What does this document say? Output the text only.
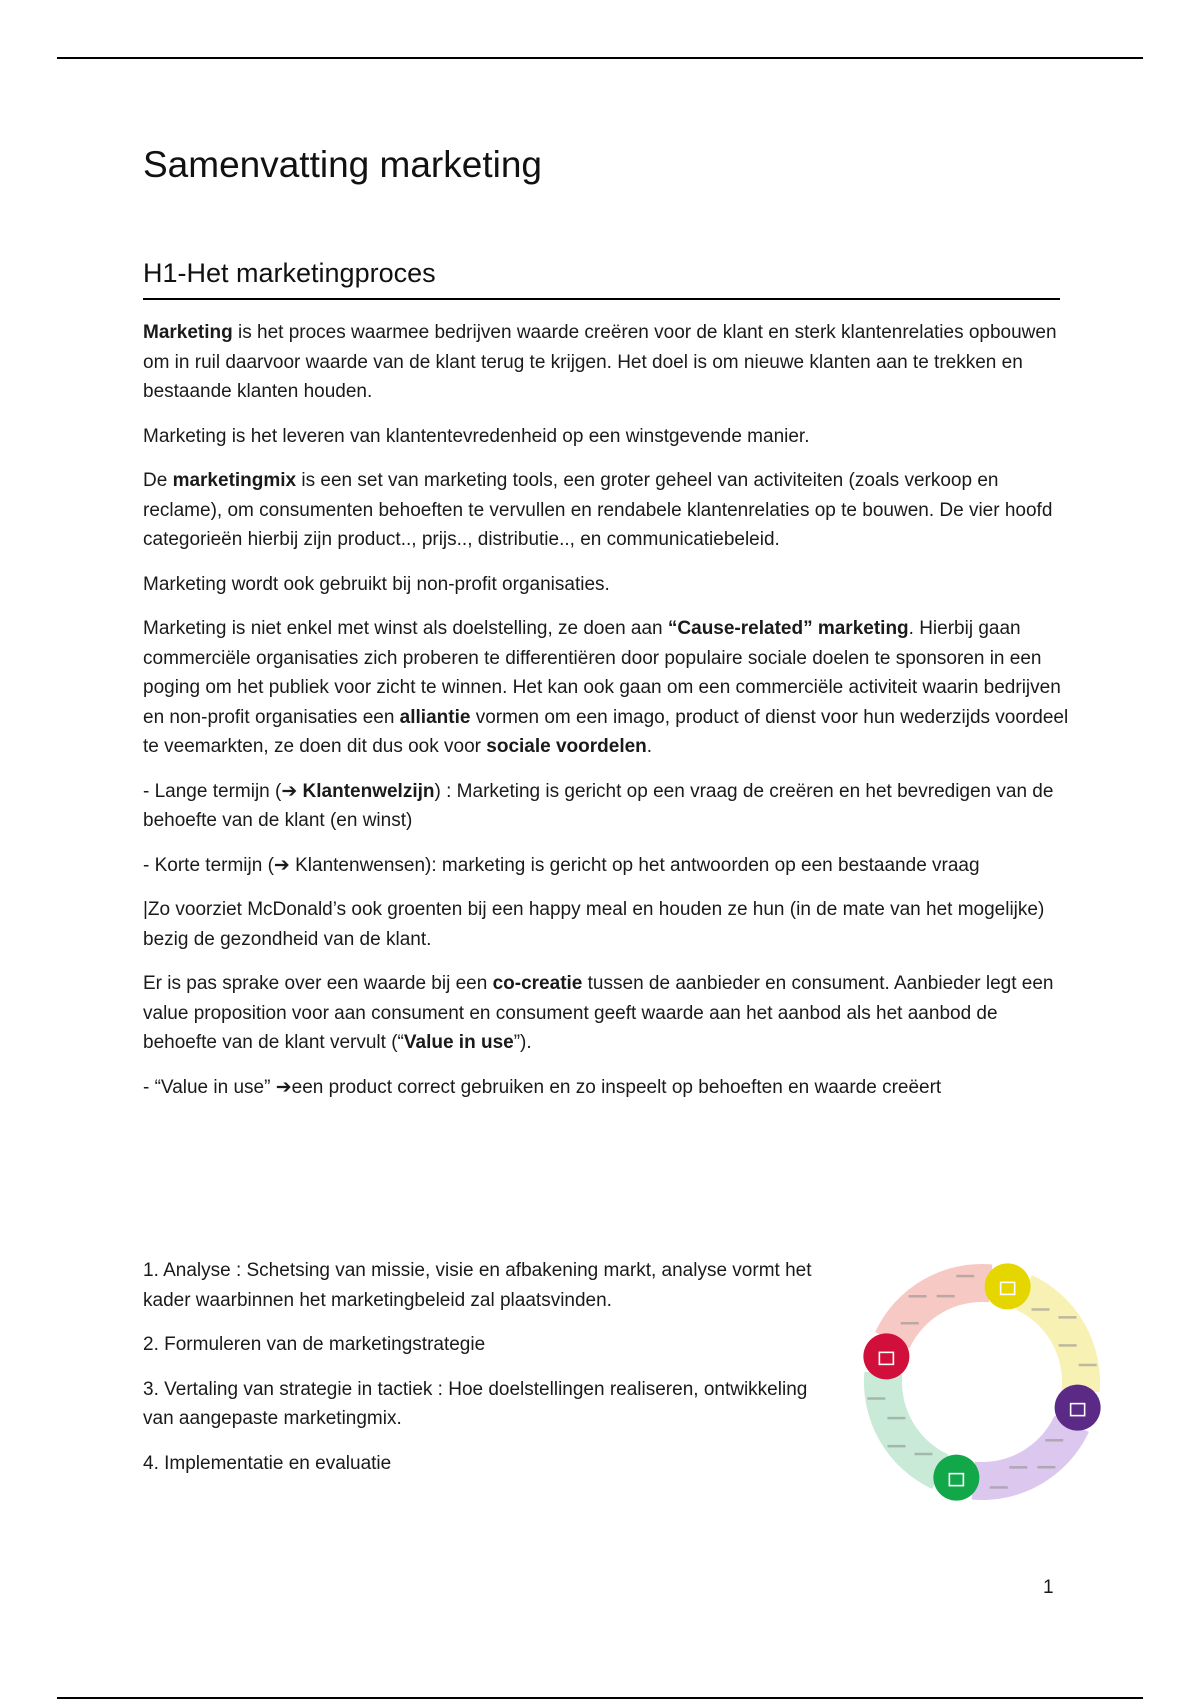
Samenvatting marketing
H1-Het marketingproces

Marketing is het proces waarmee bedrijven waarde creëren voor de klant en sterk klantenrelaties opbouwen om in ruil daarvoor waarde van de klant terug te krijgen. Het doel is om nieuwe klanten aan te trekken en bestaande klanten houden.

Marketing is het leveren van klantentevredenheid op een winstgevende manier.

De marketingmix is een set van marketing tools, een groter geheel van activiteiten (zoals verkoop en reclame), om consumenten behoeften te vervullen en rendabele klantenrelaties op te bouwen. De vier hoofd categorieën hierbij zijn product.., prijs.., distributie.., en communicatiebeleid.

Marketing wordt ook gebruikt bij non-profit organisaties.

Marketing is niet enkel met winst als doelstelling, ze doen aan “Cause-related” marketing. Hierbij gaan commerciële organisaties zich proberen te differentiëren door populaire sociale doelen te sponsoren in een poging om het publiek voor zicht te winnen. Het kan ook gaan om een commerciële activiteit waarin bedrijven en non-profit organisaties een alliantie vormen om een imago, product of dienst voor hun wederzijds voordeel te veemarkten, ze doen dit dus ook voor sociale voordelen.

- Lange termijn (➔ Klantenwelzijn) : Marketing is gericht op een vraag de creëren en het bevredigen van de behoefte van de klant (en winst)

- Korte termijn (➔ Klantenwensen): marketing is gericht op het antwoorden op een bestaande vraag

|Zo voorziet McDonald’s ook groenten bij een happy meal en houden ze hun (in de mate van het mogelijke) bezig de gezondheid van de klant.

Er is pas sprake over een waarde bij een co-creatie tussen de aanbieder en consument. Aanbieder legt een value proposition voor aan consument en consument geeft waarde aan het aanbod als het aanbod de behoefte van de klant vervult (“Value in use”).

- “Value in use” ➔een product correct gebruiken en zo inspeelt op behoeften en waarde creëert

1. Analyse : Schetsing van missie, visie en afbakening markt, analyse vormt het kader waarbinnen het marketingbeleid zal plaatsvinden.

2. Formuleren van de marketingstrategie

3. Vertaling van strategie in tactiek : Hoe doelstellingen realiseren, ontwikkeling van aangepaste marketingmix.

4. Implementatie en evaluatie

1
